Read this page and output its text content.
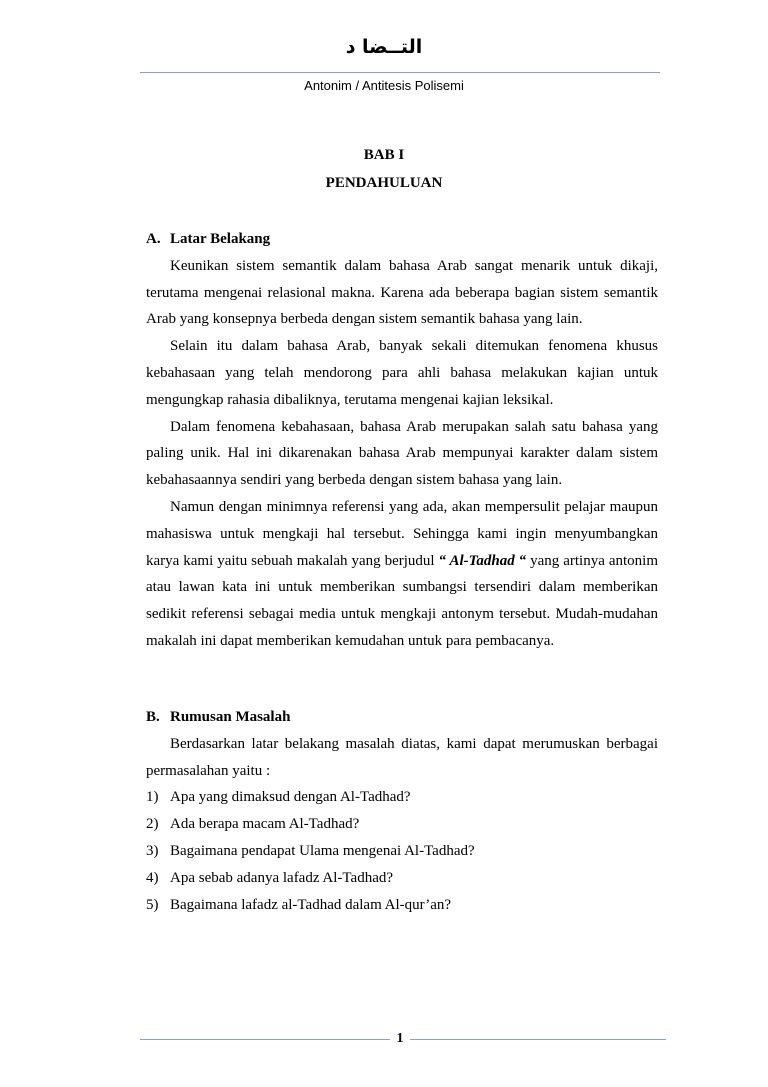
التــضا د
Antonim / Antitesis Polisemi
BAB I
PENDAHULUAN
A. Latar Belakang

Keunikan sistem semantik dalam bahasa Arab sangat menarik untuk dikaji, terutama mengenai relasional makna. Karena ada beberapa bagian sistem semantik Arab yang konsepnya berbeda dengan sistem semantik bahasa yang lain.

Selain itu dalam bahasa Arab, banyak sekali ditemukan fenomena khusus kebahasaan yang telah mendorong para ahli bahasa melakukan kajian untuk mengungkap rahasia dibaliknya, terutama mengenai kajian leksikal.

Dalam fenomena kebahasaan, bahasa Arab merupakan salah satu bahasa yang paling unik. Hal ini dikarenakan bahasa Arab mempunyai karakter dalam sistem kebahasaannya sendiri yang berbeda dengan sistem bahasa yang lain.

Namun dengan minimnya referensi yang ada, akan mempersulit pelajar maupun mahasiswa untuk mengkaji hal tersebut. Sehingga kami ingin menyumbangkan karya kami yaitu sebuah makalah yang berjudul “ Al-Tadhad “ yang artinya antonim atau lawan kata ini untuk memberikan sumbangsi tersendiri dalam memberikan sedikit referensi sebagai media untuk mengkaji antonym tersebut. Mudah-mudahan makalah ini dapat memberikan kemudahan untuk para pembacanya.

B. Rumusan Masalah

Berdasarkan latar belakang masalah diatas, kami dapat merumuskan berbagai permasalahan yaitu :

1) Apa yang dimaksud dengan Al-Tadhad?
2) Ada berapa macam Al-Tadhad?
3) Bagaimana pendapat Ulama mengenai Al-Tadhad?
4) Apa sebab adanya lafadz Al-Tadhad?
5) Bagaimana lafadz al-Tadhad dalam Al-qur’an?
1
